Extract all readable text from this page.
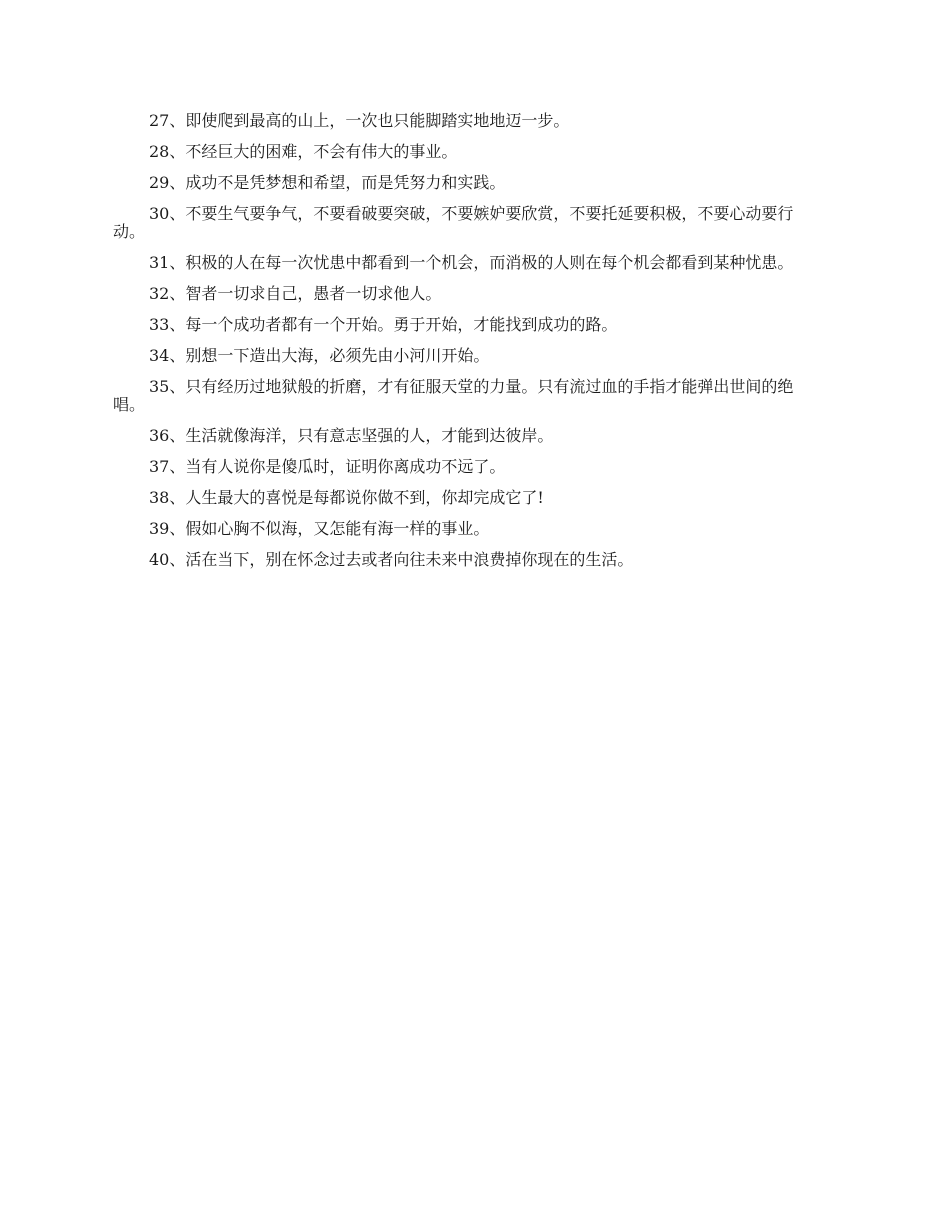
27、即使爬到最高的山上，一次也只能脚踏实地地迈一步。

28、不经巨大的困难，不会有伟大的事业。

29、成功不是凭梦想和希望，而是凭努力和实践。

30、不要生气要争气，不要看破要突破，不要嫉妒要欣赏，不要托延要积极，不要心动要行动。

31、积极的人在每一次忧患中都看到一个机会，而消极的人则在每个机会都看到某种忧患。

32、智者一切求自己，愚者一切求他人。

33、每一个成功者都有一个开始。勇于开始，才能找到成功的路。

34、别想一下造出大海，必须先由小河川开始。

35、只有经历过地狱般的折磨，才有征服天堂的力量。只有流过血的手指才能弹出世间的绝唱。

36、生活就像海洋，只有意志坚强的人，才能到达彼岸。

37、当有人说你是傻瓜时，证明你离成功不远了。

38、人生最大的喜悦是每都说你做不到，你却完成它了!

39、假如心胸不似海，又怎能有海一样的事业。

40、活在当下，别在怀念过去或者向往未来中浪费掉你现在的生活。
